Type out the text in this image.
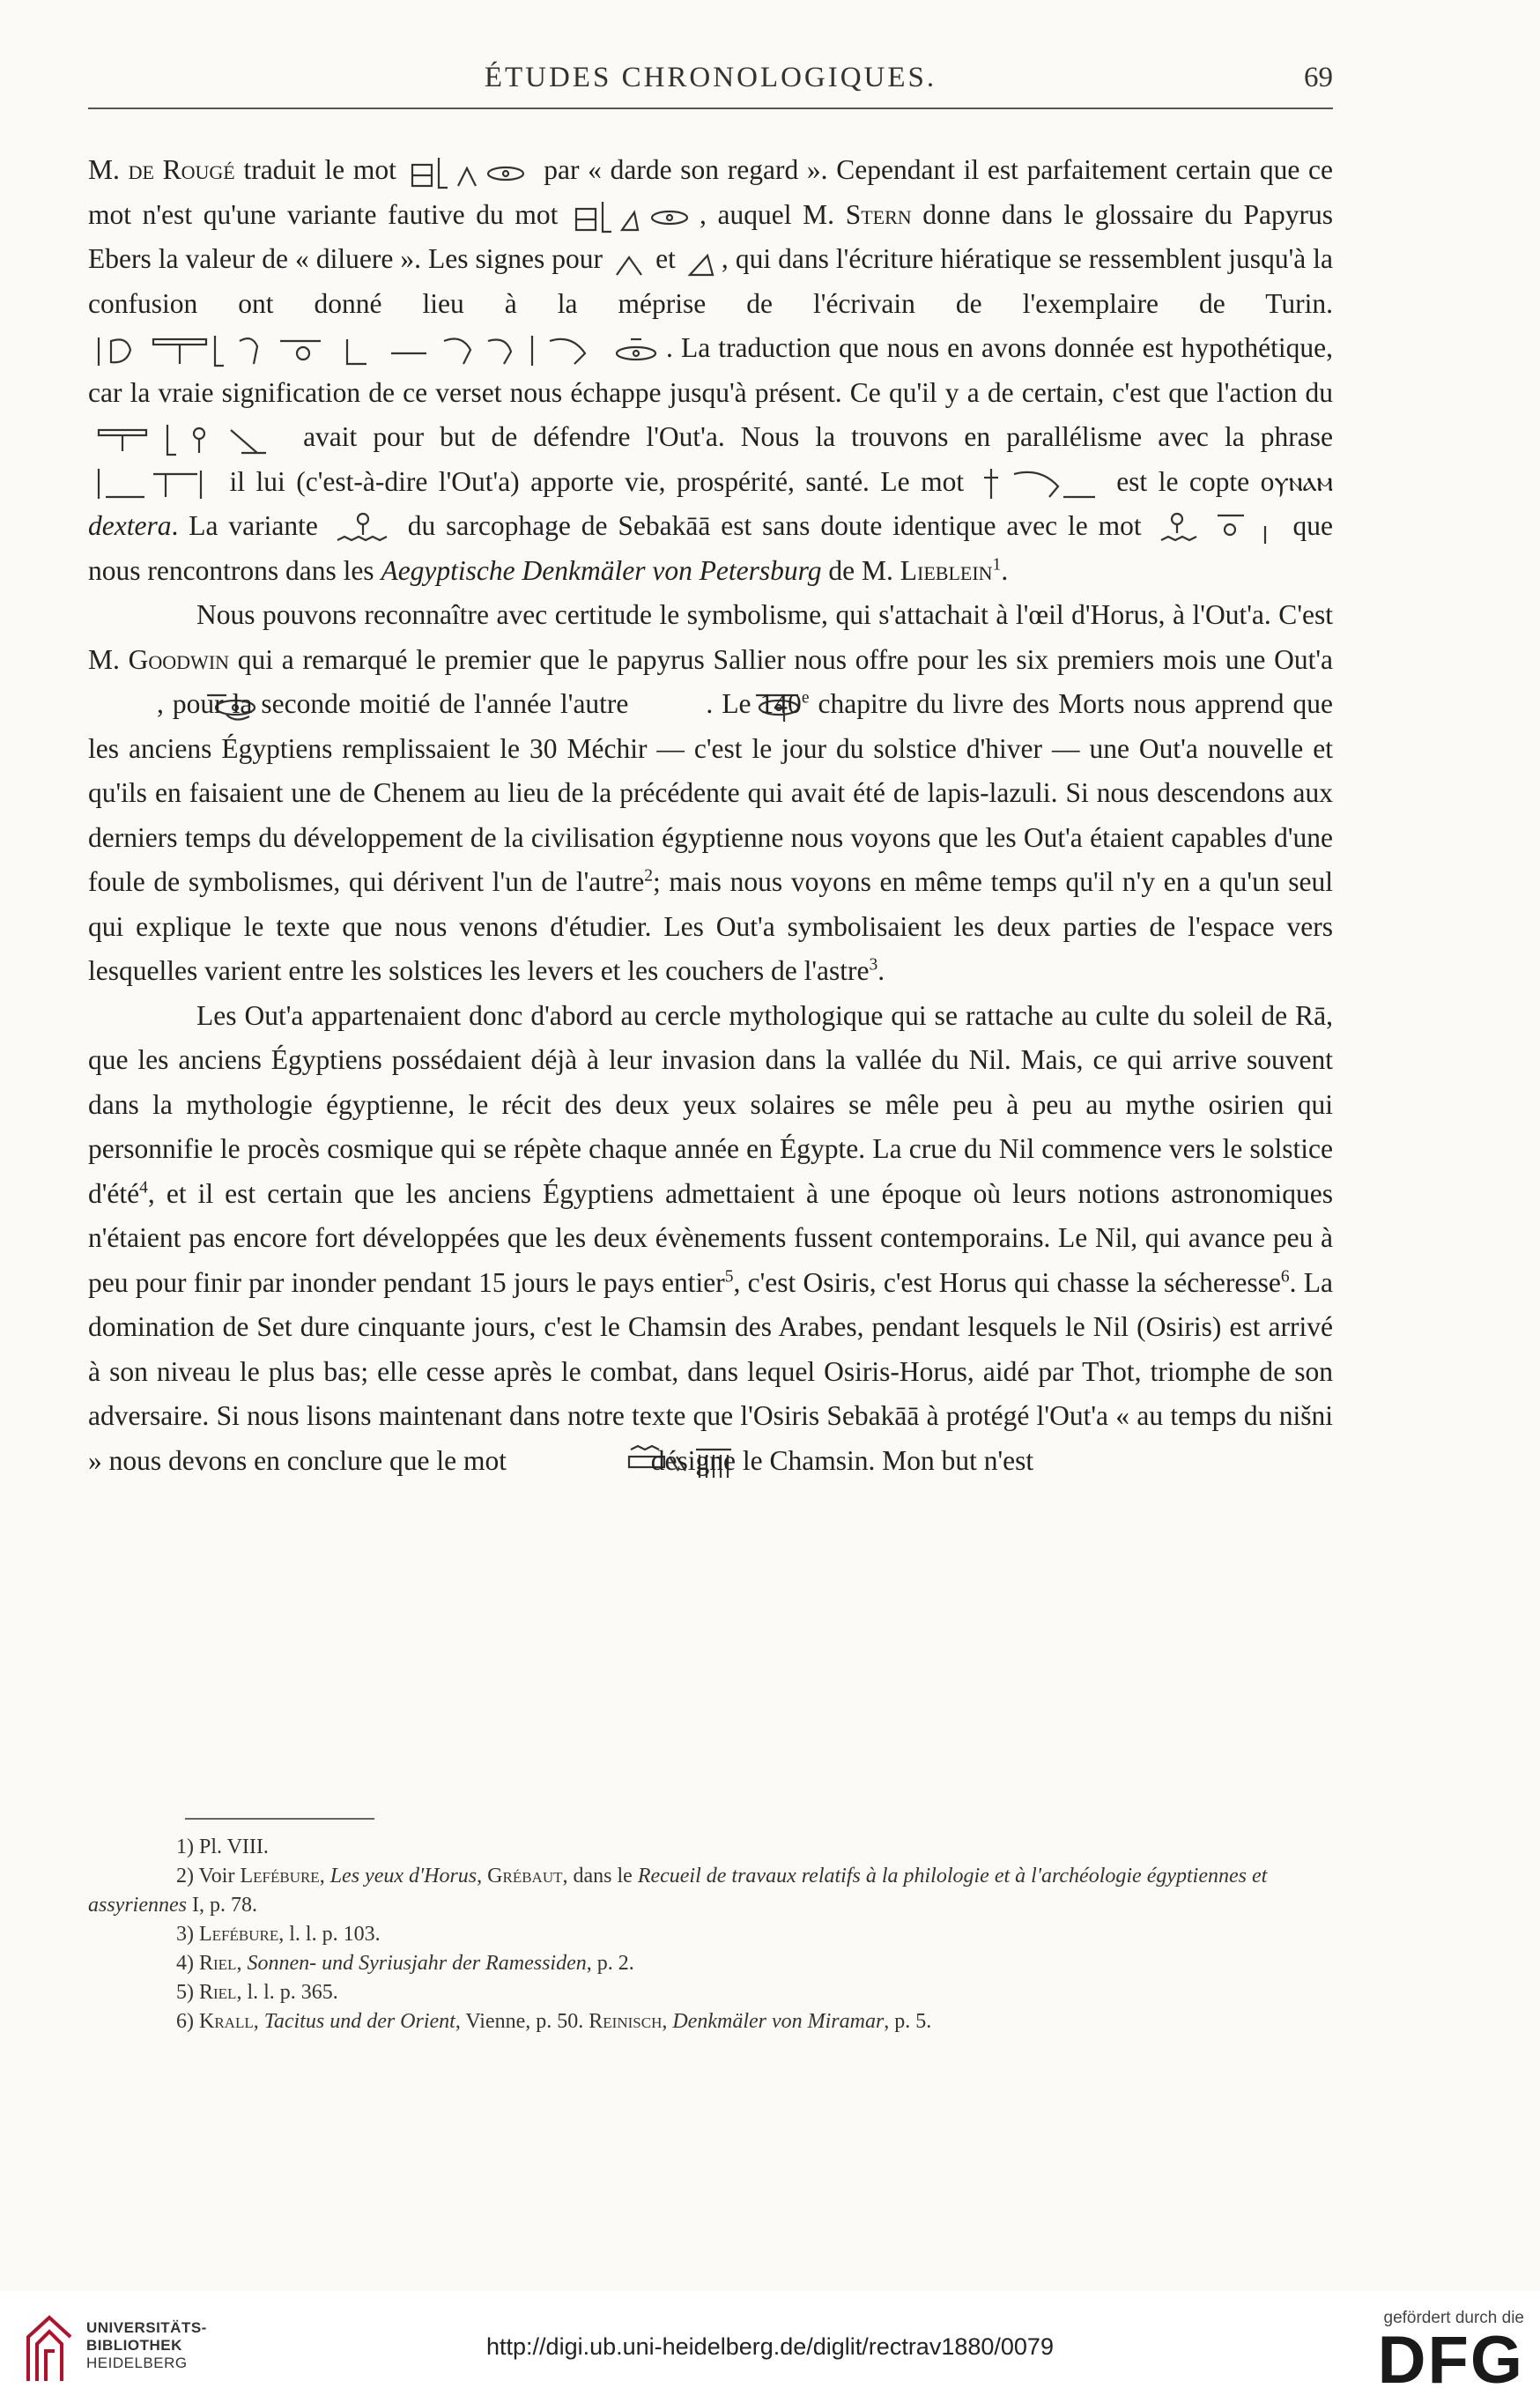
ÉTUDES CHRONOLOGIQUES.	69

M. de Rougé traduit le mot	par « darde son regard ». Cependant il est parfaitement certain que ce mot n'est qu'une variante fautive du mot	, auquel M. Stern donne dans le glossaire du Papyrus Ebers la valeur de « diluere ». Les signes pour  et , qui dans l'écriture hiératique se ressemblent jusqu'à la confusion ont donné lieu à la méprise de l'écrivain de l'exemplaire de Turin. . La traduction que nous en avons donnée est hypothétique, car la vraie signification de ce verset nous échappe jusqu'à présent. Ce qu'il y a de certain, c'est que l'action du  avait pour but de défendre l'Out'a. Nous la trouvons en parallélisme avec la phrase  il lui (c'est-à-dire l'Out'a) apporte vie, prospérité, santé. Le mot	est le copte oⲩⲛⲁⲙ dextera. La variante  du sarcophage de Sebakāā est sans doute identique avec le mot	que nous rencontrons dans les Aegyptische Denkmäler von Petersburg de M. Lieblein$^1$.

Nous pouvons reconnaître avec certitude le symbolisme, qui s'attachait à l'œil d'Horus, à l'Out'a. C'est M. Goodwin qui a remarqué le premier que le papyrus Sallier nous offre pour les six premiers mois une Out'a , pour la seconde moitié de l'année l'autre . Le 140e chapitre du livre des Morts nous apprend que les anciens Égyptiens remplissaient le 30 Méchir — c'est le jour du solstice d'hiver — une Out'a nouvelle et qu'ils en faisaient une de Chenem au lieu de la précédente qui avait été de lapis-lazuli. Si nous descendons aux derniers temps du développement de la civilisation égyptienne nous voyons que les Out'a étaient capables d'une foule de symbolismes, qui dérivent l'un de l'autre$^2$; mais nous voyons en même temps qu'il n'y en a qu'un seul qui explique le texte que nous venons d'étudier. Les Out'a symbolisaient les deux parties de l'espace vers lesquelles varient entre les solstices les levers et les couchers de l'astre$^3$.

Les Out'a appartenaient donc d'abord au cercle mythologique qui se rattache au culte du soleil de Rā, que les anciens Égyptiens possédaient déjà à leur invasion dans la vallée du Nil. Mais, ce qui arrive souvent dans la mythologie égyptienne, le récit des deux yeux solaires se mêle peu à peu au mythe osirien qui personnifie le procès cosmique qui se répète chaque année en Égypte. La crue du Nil commence vers le solstice d'été$^4$, et il est certain que les anciens Égyptiens admettaient à une époque où leurs notions astronomiques n'étaient pas encore fort développées que les deux évènements fussent contemporains. Le Nil, qui avance peu à peu pour finir par inonder pendant 15 jours le pays entier$^5$, c'est Osiris, c'est Horus qui chasse la sécheresse$^6$. La domination de Set dure cinquante jours, c'est le Chamsin des Arabes, pendant lesquels le Nil (Osiris) est arrivé à son niveau le plus bas; elle cesse après le combat, dans lequel Osiris-Horus, aidé par Thot, triomphe de son adversaire. Si nous lisons maintenant dans notre texte que l'Osiris Sebakāā à protégé l'Out'a « au temps du nišni » nous devons en conclure que le mot	désigne le Chamsin. Mon but n'est

1) Pl. VIII.

2) Voir Lefébure, Les yeux d'Horus, Grébaut, dans le Recueil de travaux relatifs à la philologie et à l'archéologie égyptiennes et assyriennes I, p. 78.

3) Lefébure, l. l. p. 103.

4) Riel, Sonnen- und Syriusjahr der Ramessiden, p. 2.

5) Riel, l. l. p. 365.

6) Krall, Tacitus und der Orient, Vienne, p. 50. Reinisch, Denkmäler von Miramar, p. 5.

UNIVERSITÄTS-
BIBLIOTHEK
HEIDELBERG
http://digi.ub.uni-heidelberg.de/diglit/rectrav1880/0079
gefördert durch die
DFG
